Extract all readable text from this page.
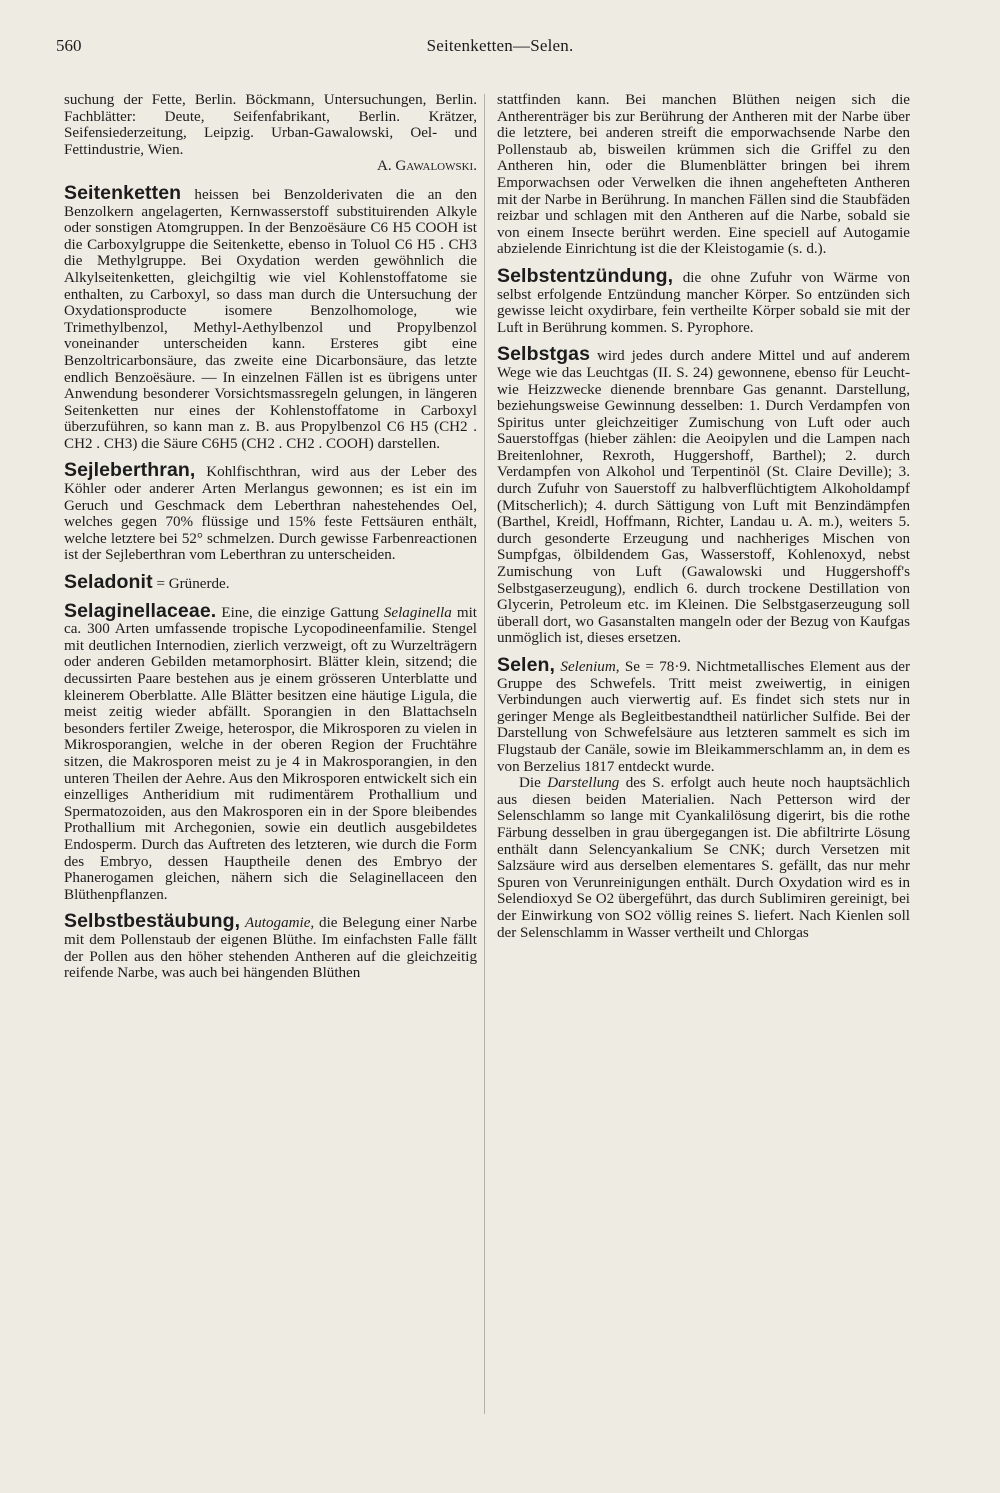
560	Seitenketten—Selen.

suchung der Fette, Berlin. Böckmann, Untersuchungen, Berlin. Fachblätter: Deute, Seifenfabrikant, Berlin. Krätzer, Seifensiederzeitung, Leipzig. Urban-Gawalowski, Oel- und Fettindustrie, Wien.
A. Gawalowski.

Seitenketten heissen bei Benzolderivaten die an den Benzolkern angelagerten, Kernwasserstoff substituirenden Alkyle oder sonstigen Atomgruppen. In der Benzoësäure C6 H5 COOH ist die Carboxylgruppe die Seitenkette, ebenso in Toluol C6 H5 . CH3 die Methylgruppe. Bei Oxydation werden gewöhnlich die Alkylseitenketten, gleichgiltig wie viel Kohlenstoffatome sie enthalten, zu Carboxyl, so dass man durch die Untersuchung der Oxydationsproducte isomere Benzolhomologe, wie Trimethylbenzol, Methyl-Aethylbenzol und Propylbenzol voneinander unterscheiden kann. Ersteres gibt eine Benzoltricarbonsäure, das zweite eine Dicarbonsäure, das letzte endlich Benzoësäure. — In einzelnen Fällen ist es übrigens unter Anwendung besonderer Vorsichtsmassregeln gelungen, in längeren Seitenketten nur eines der Kohlenstoffatome in Carboxyl überzuführen, so kann man z. B. aus Propylbenzol C6 H5 (CH2 . CH2 . CH3) die Säure C6H5 (CH2 . CH2 . COOH) darstellen.

Sejleberthran, Kohlfischthran, wird aus der Leber des Köhler oder anderer Arten Merlangus gewonnen; es ist ein im Geruch und Geschmack dem Leberthran nahestehendes Oel, welches gegen 70% flüssige und 15% feste Fettsäuren enthält, welche letztere bei 52° schmelzen. Durch gewisse Farbenreactionen ist der Sejleberthran vom Leberthran zu unterscheiden.

Seladonit = Grünerde.

Selaginellaceae. Eine, die einzige Gattung Selaginella mit ca. 300 Arten umfassende tropische Lycopodineenfamilie. Stengel mit deutlichen Internodien, zierlich verzweigt, oft zu Wurzelträgern oder anderen Gebilden metamorphosirt. Blätter klein, sitzend; die decussirten Paare bestehen aus je einem grösseren Unterblatte und kleinerem Oberblatte. Alle Blätter besitzen eine häutige Ligula, die meist zeitig wieder abfällt. Sporangien in den Blattachseln besonders fertiler Zweige, heterospor, die Mikrosporen zu vielen in Mikrosporangien, welche in der oberen Region der Fruchtähre sitzen, die Makrosporen meist zu je 4 in Makrosporangien, in den unteren Theilen der Aehre. Aus den Mikrosporen entwickelt sich ein einzelliges Antheridium mit rudimentärem Prothallium und Spermatozoiden, aus den Makrosporen ein in der Spore bleibendes Prothallium mit Archegonien, sowie ein deutlich ausgebildetes Endosperm. Durch das Auftreten des letzteren, wie durch die Form des Embryo, dessen Hauptheile denen des Embryo der Phanerogamen gleichen, nähern sich die Selaginellaceen den Blüthenpflanzen.

Selbstbestäubung, Autogamie, die Belegung einer Narbe mit dem Pollenstaub der eigenen Blüthe. Im einfachsten Falle fällt der Pollen aus den höher stehenden Antheren auf die gleichzeitig reifende Narbe, was auch bei hängenden Blüthen

stattfinden kann. Bei manchen Blüthen neigen sich die Antherenträger bis zur Berührung der Antheren mit der Narbe über die letztere, bei anderen streift die emporwachsende Narbe den Pollenstaub ab, bisweilen krümmen sich die Griffel zu den Antheren hin, oder die Blumenblätter bringen bei ihrem Emporwachsen oder Verwelken die ihnen angehefteten Antheren mit der Narbe in Berührung. In manchen Fällen sind die Staubfäden reizbar und schlagen mit den Antheren auf die Narbe, sobald sie von einem Insecte berührt werden. Eine speciell auf Autogamie abzielende Einrichtung ist die der Kleistogamie (s. d.).

Selbstentzündung, die ohne Zufuhr von Wärme von selbst erfolgende Entzündung mancher Körper. So entzünden sich gewisse leicht oxydirbare, fein vertheilte Körper sobald sie mit der Luft in Berührung kommen. S. Pyrophore.

Selbstgas wird jedes durch andere Mittel und auf anderem Wege wie das Leuchtgas (II. S. 24) gewonnene, ebenso für Leucht- wie Heizzwecke dienende brennbare Gas genannt. Darstellung, beziehungsweise Gewinnung desselben: 1. Durch Verdampfen von Spiritus unter gleichzeitiger Zumischung von Luft oder auch Sauerstoffgas (hieber zählen: die Aeoipylen und die Lampen nach Breitenlohner, Rexroth, Huggershoff, Barthel); 2. durch Verdampfen von Alkohol und Terpentinöl (St. Claire Deville); 3. durch Zufuhr von Sauerstoff zu halbverflüchtigtem Alkoholdampf (Mitscherlich); 4. durch Sättigung von Luft mit Benzindämpfen (Barthel, Kreidl, Hoffmann, Richter, Landau u. A. m.), weiters 5. durch gesonderte Erzeugung und nachheriges Mischen von Sumpfgas, ölbildendem Gas, Wasserstoff, Kohlenoxyd, nebst Zumischung von Luft (Gawalowski und Huggershoff's Selbstgaserzeugung), endlich 6. durch trockene Destillation von Glycerin, Petroleum etc. im Kleinen. Die Selbstgaserzeugung soll überall dort, wo Gasanstalten mangeln oder der Bezug von Kaufgas unmöglich ist, dieses ersetzen.

Selen, Selenium, Se = 78·9. Nichtmetallisches Element aus der Gruppe des Schwefels. Tritt meist zweiwertig, in einigen Verbindungen auch vierwertig auf. Es findet sich stets nur in geringer Menge als Begleitbestandtheil natürlicher Sulfide. Bei der Darstellung von Schwefelsäure aus letzteren sammelt es sich im Flugstaub der Canäle, sowie im Bleikammerschlamm an, in dem es von Berzelius 1817 entdeckt wurde.
Die Darstellung des S. erfolgt auch heute noch hauptsächlich aus diesen beiden Materialien. Nach Petterson wird der Selenschlamm so lange mit Cyankalilösung digerirt, bis die rothe Färbung desselben in grau übergegangen ist. Die abfiltrirte Lösung enthält dann Selencyankalium Se CNK; durch Versetzen mit Salzsäure wird aus derselben elementares S. gefällt, das nur mehr Spuren von Verunreinigungen enthält. Durch Oxydation wird es in Selendioxyd Se O2 übergeführt, das durch Sublimiren gereinigt, bei der Einwirkung von SO2 völlig reines S. liefert. Nach Kienlen soll der Selenschlamm in Wasser vertheilt und Chlorgas
